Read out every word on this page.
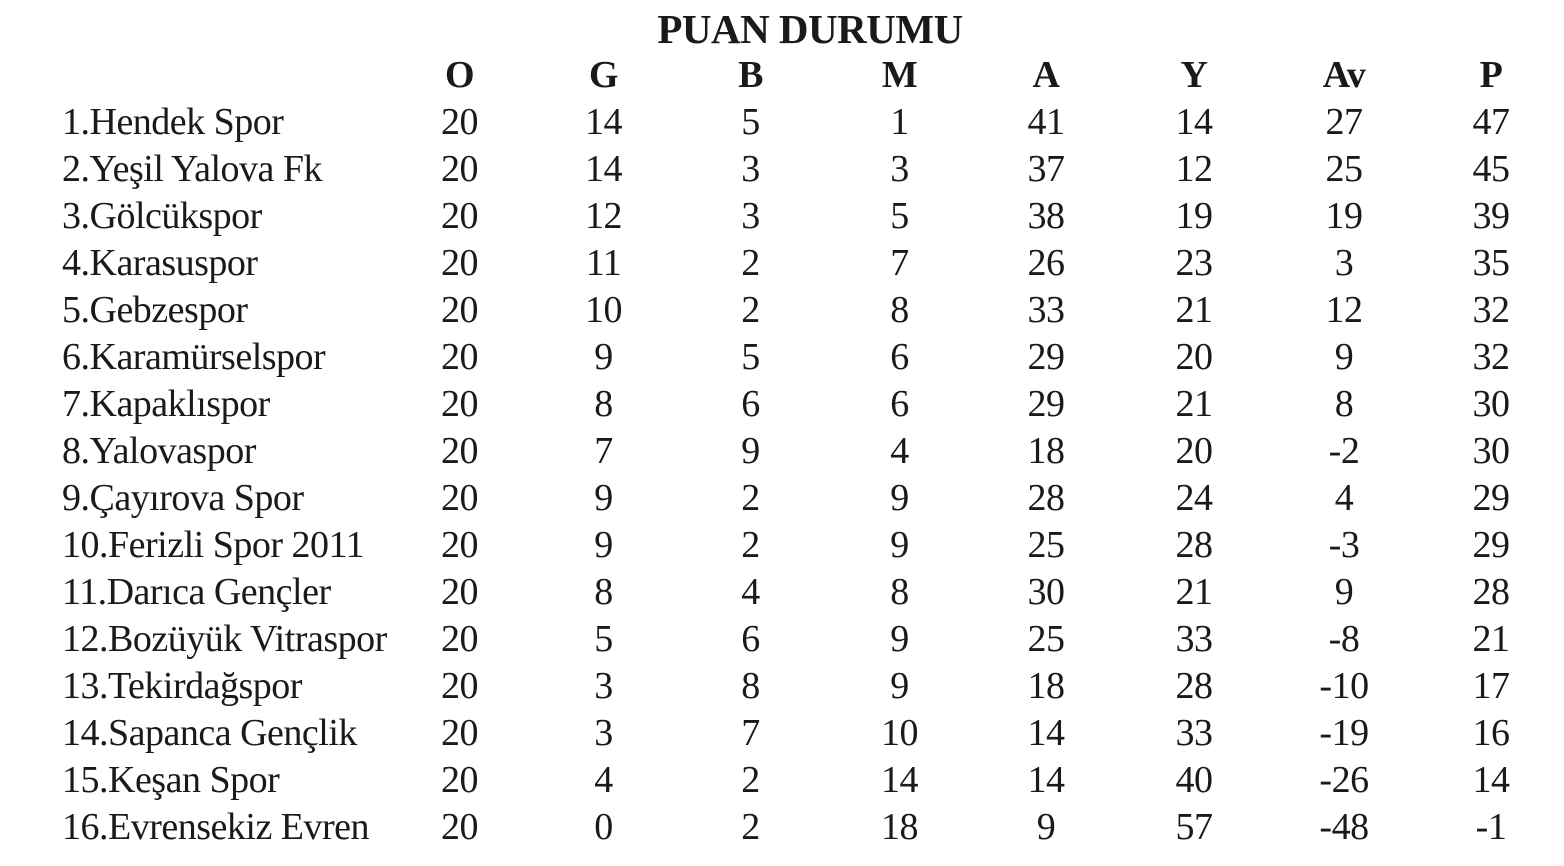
PUAN DURUMU
	O	G	B	M	A	Y	Av	P
1.Hendek Spor	20	14	5	1	41	14	27	47
2.Yeşil Yalova Fk	20	14	3	3	37	12	25	45
3.Gölcükspor	20	12	3	5	38	19	19	39
4.Karasuspor	20	11	2	7	26	23	3	35
5.Gebzespor	20	10	2	8	33	21	12	32
6.Karamürselspor	20	9	5	6	29	20	9	32
7.Kapaklıspor	20	8	6	6	29	21	8	30
8.Yalovaspor	20	7	9	4	18	20	-2	30
9.Çayırova Spor	20	9	2	9	28	24	4	29
10.Ferizli Spor 2011	20	9	2	9	25	28	-3	29
11.Darıca Gençler	20	8	4	8	30	21	9	28
12.Bozüyük Vitraspor	20	5	6	9	25	33	-8	21
13.Tekirdağspor	20	3	8	9	18	28	-10	17
14.Sapanca Gençlik	20	3	7	10	14	33	-19	16
15.Keşan Spor	20	4	2	14	14	40	-26	14
16.Evrensekiz Evren	20	0	2	18	9	57	-48	-1
